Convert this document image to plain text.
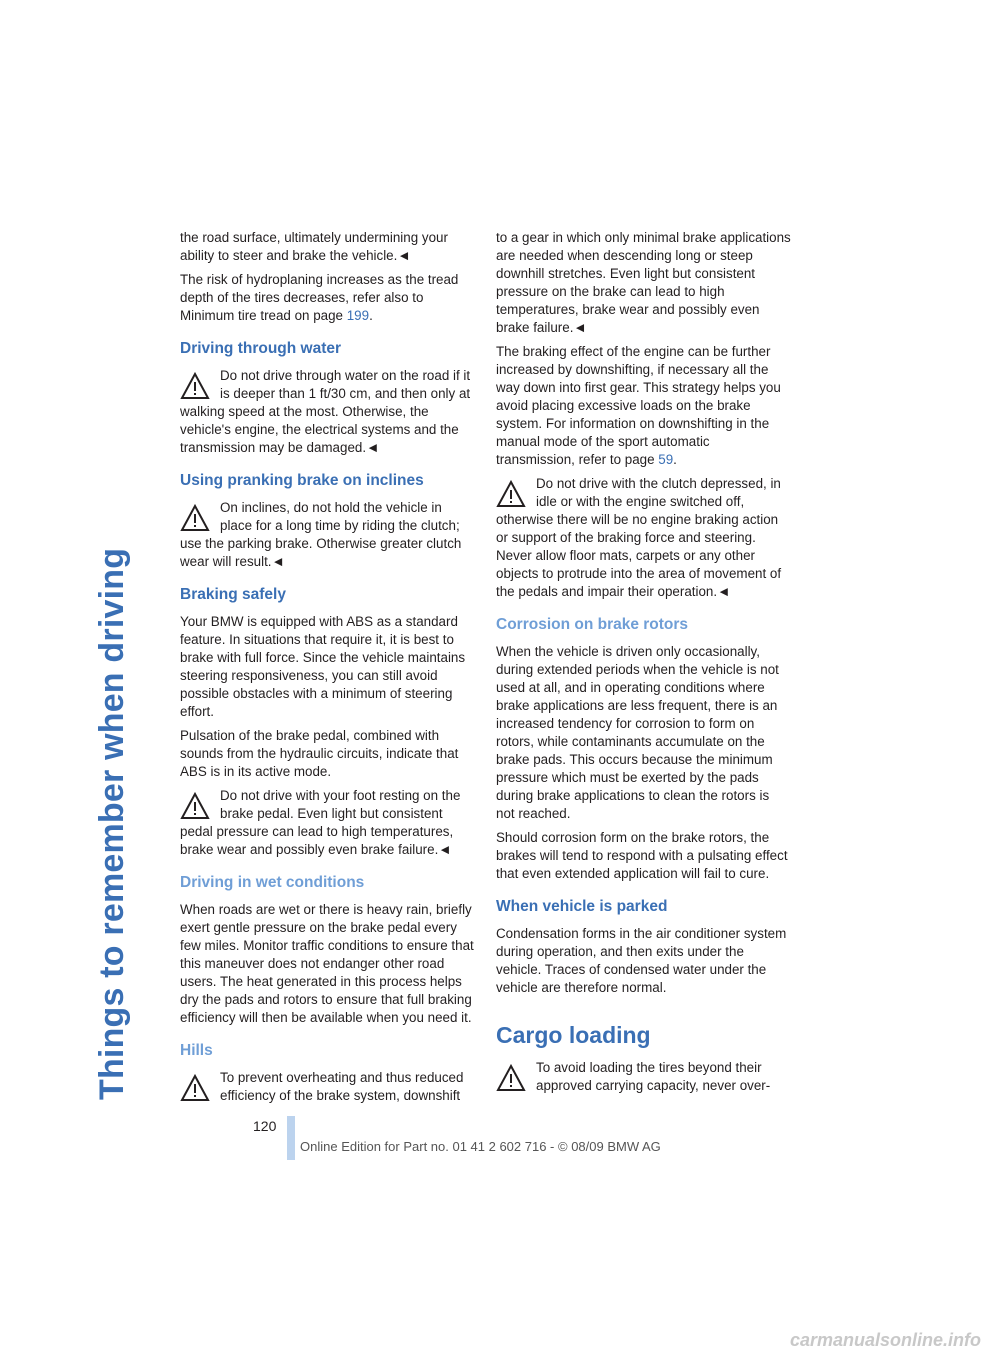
Things to remember when driving

the road surface, ultimately undermining your ability to steer and brake the vehicle.◄

The risk of hydroplaning increases as the tread depth of the tires decreases, refer also to Minimum tire tread on page 199.

Driving through water
Do not drive through water on the road if it is deeper than 1 ft/30 cm, and then only at walking speed at the most. Otherwise, the vehicle's engine, the electrical systems and the transmission may be damaged.◄
Using pranking brake on inclines
On inclines, do not hold the vehicle in place for a long time by riding the clutch; use the parking brake. Otherwise greater clutch wear will result.◄
Braking safely

Your BMW is equipped with ABS as a standard feature. In situations that require it, it is best to brake with full force. Since the vehicle maintains steering responsiveness, you can still avoid possible obstacles with a minimum of steering effort.

Pulsation of the brake pedal, combined with sounds from the hydraulic circuits, indicate that ABS is in its active mode.

Do not drive with your foot resting on the brake pedal. Even light but consistent pedal pressure can lead to high temperatures, brake wear and possibly even brake failure.◄
Driving in wet conditions

When roads are wet or there is heavy rain, briefly exert gentle pressure on the brake pedal every few miles. Monitor traffic conditions to ensure that this maneuver does not endanger other road users. The heat generated in this process helps dry the pads and rotors to ensure that full braking efficiency will then be available when you need it.

Hills
To prevent overheating and thus reduced efficiency of the brake system, downshift

to a gear in which only minimal brake applications are needed when descending long or steep downhill stretches. Even light but consistent pressure on the brake can lead to high temperatures, brake wear and possibly even brake failure.◄

The braking effect of the engine can be further increased by downshifting, if necessary all the way down into first gear. This strategy helps you avoid placing excessive loads on the brake system. For information on downshifting in the manual mode of the sport automatic transmission, refer to page 59.

Do not drive with the clutch depressed, in idle or with the engine switched off, otherwise there will be no engine braking action or support of the braking force and steering. Never allow floor mats, carpets or any other objects to protrude into the area of movement of the pedals and impair their operation.◄
Corrosion on brake rotors

When the vehicle is driven only occasionally, during extended periods when the vehicle is not used at all, and in operating conditions where brake applications are less frequent, there is an increased tendency for corrosion to form on rotors, while contaminants accumulate on the brake pads. This occurs because the minimum pressure which must be exerted by the pads during brake applications to clean the rotors is not reached.

Should corrosion form on the brake rotors, the brakes will tend to respond with a pulsating effect that even extended application will fail to cure.

When vehicle is parked

Condensation forms in the air conditioner system during operation, and then exits under the vehicle. Traces of condensed water under the vehicle are therefore normal.

Cargo loading
To avoid loading the tires beyond their approved carrying capacity, never over-
120
Online Edition for Part no. 01 41 2 602 716 - © 08/09 BMW AG
carmanualsonline.info
